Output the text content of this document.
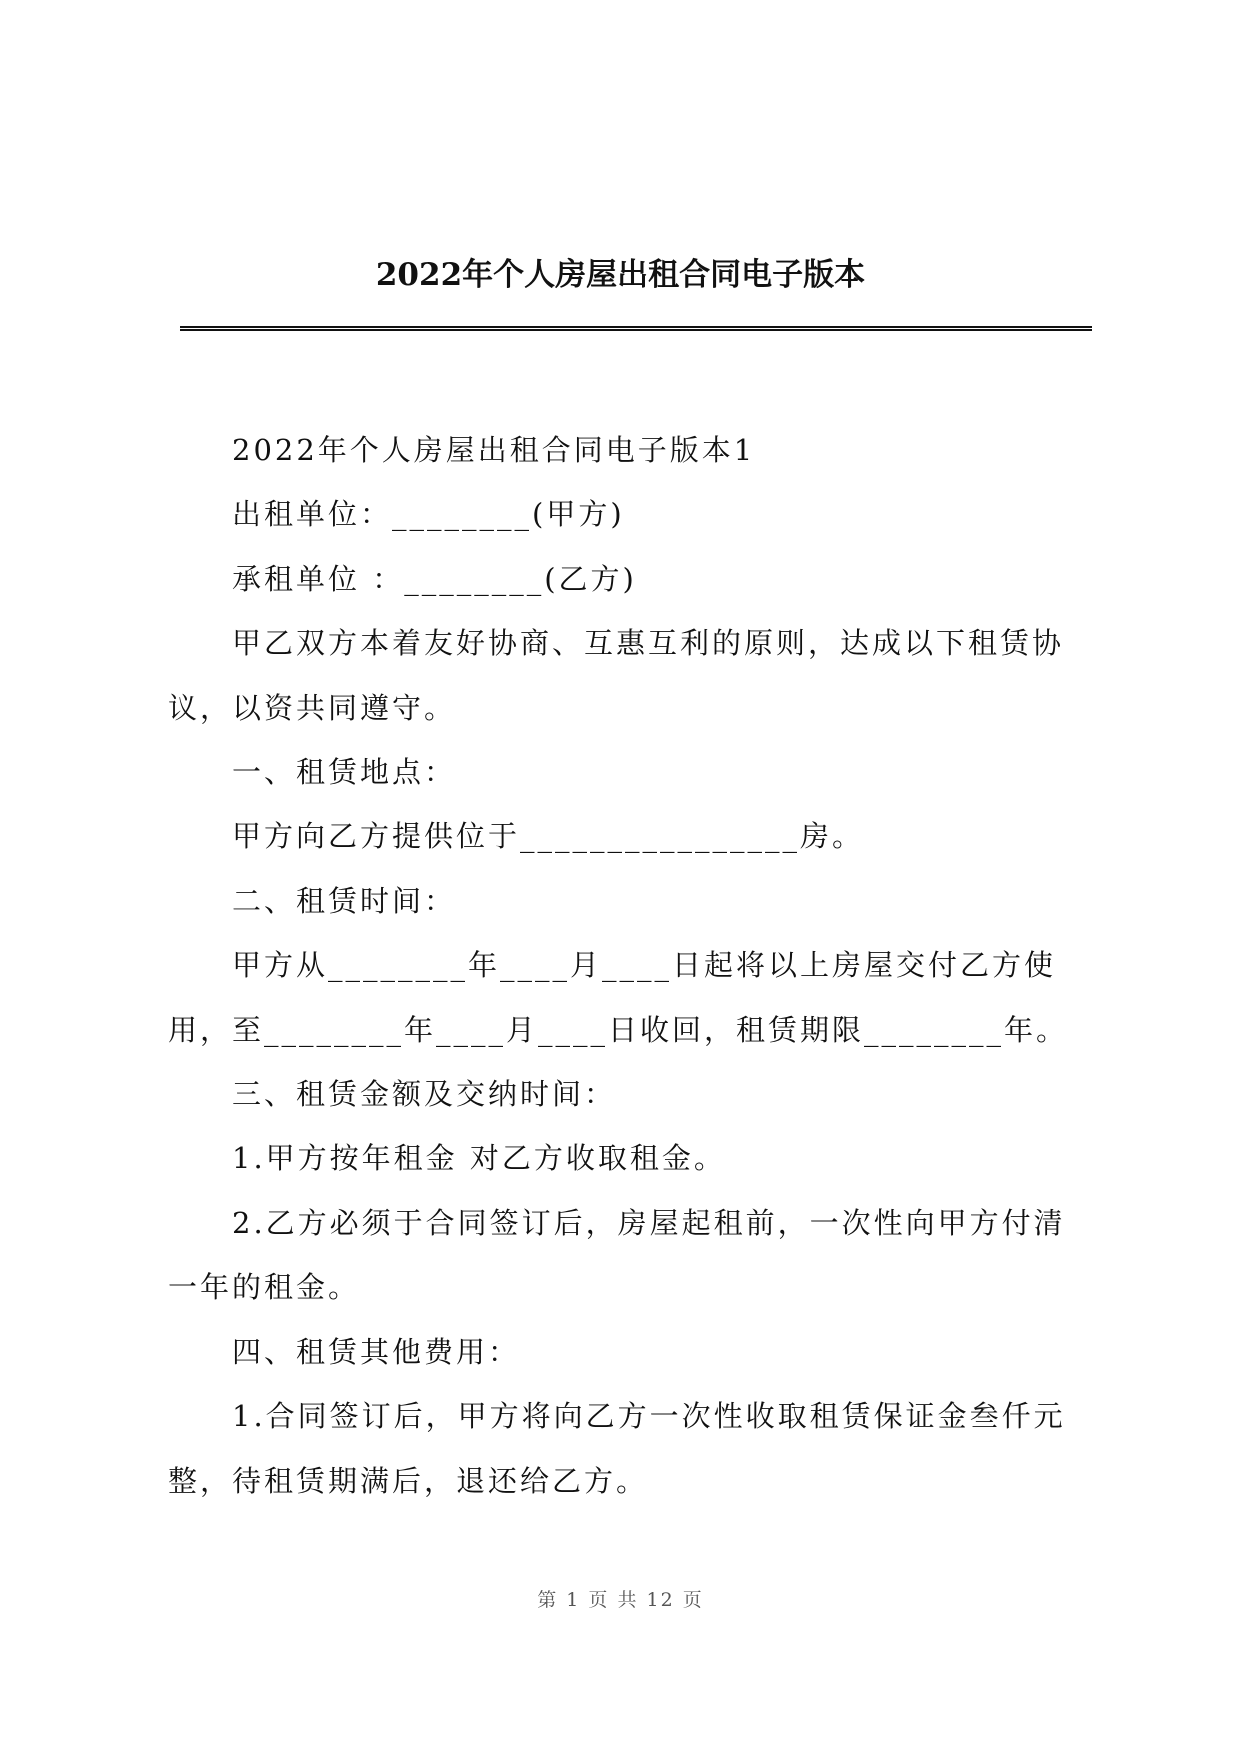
2022年个人房屋出租合同电子版本

2022年个人房屋出租合同电子版本1

出租单位：________(甲方)

承租单位 ：________(乙方)

甲乙双方本着友好协商、互惠互利的原则，达成以下租赁协议，以资共同遵守。

一、租赁地点：

甲方向乙方提供位于________________房。

二、租赁时间：

甲方从________年____月____日起将以上房屋交付乙方使用，至________年____月____日收回，租赁期限________年。

三、租赁金额及交纳时间：

1.甲方按年租金 对乙方收取租金。

2.乙方必须于合同签订后，房屋起租前，一次性向甲方付清一年的租金。

四、租赁其他费用：

1.合同签订后，甲方将向乙方一次性收取租赁保证金叁仟元整，待租赁期满后，退还给乙方。

第 1 页 共 12 页
